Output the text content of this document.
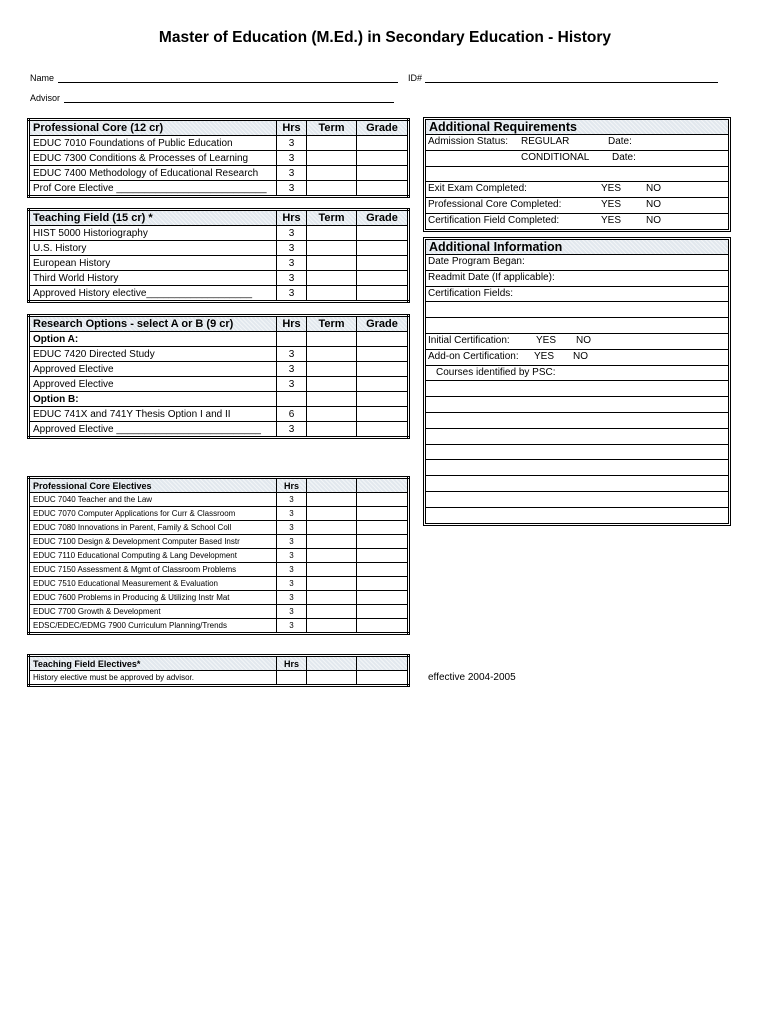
Master of Education (M.Ed.) in Secondary Education - History
Name	ID#
Advisor
Professional Core (12 cr)	Hrs	Term	Grade
EDUC 7010 Foundations of Public Education	3		
EDUC 7300 Conditions & Processes of Learning	3		
EDUC 7400 Methodology of Educational Research	3		
Prof Core Elective ___________________________	3		
Teaching Field (15 cr) *	Hrs	Term	Grade
HIST 5000 Historiography	3		
U.S. History	3		
European History	3		
Third World History	3		
Approved History elective___________________	3		
Research Options - select A or B (9 cr)	Hrs	Term	Grade
Option A:			
EDUC 7420 Directed Study	3		
Approved Elective	3		
Approved Elective	3		
Option B:			
EDUC 741X and 741Y Thesis Option I and II	6		
Approved Elective __________________________	3		
Professional Core Electives	Hrs		
EDUC 7040 Teacher and the Law	3		
EDUC 7070 Computer Applications for Curr & Classroom	3		
EDUC 7080 Innovations in Parent, Family & School Coll	3		
EDUC 7100 Design & Development Computer Based Instr	3		
EDUC 7110 Educational Computing & Lang Development	3		
EDUC 7150 Assessment & Mgmt of Classroom Problems	3		
EDUC 7510 Educational Measurement & Evaluation	3		
EDUC 7600 Problems in Producing & Utilizing Instr Mat	3		
EDUC 7700 Growth & Development	3		
EDSC/EDEC/EDMG 7900 Curriculum Planning/Trends	3		
Teaching Field Electives*	Hrs		
History elective must be approved by advisor.			
Additional Requirements
Admission Status: REGULAR	Date:
CONDITIONAL Date:
Exit Exam Completed:	YES NO
Professional Core Completed:	YES NO
Certification Field Completed:	YES NO
Additional Information
Date Program Began:
Readmit Date (If applicable):
Certification Fields:
Initial Certification:	YES NO
Add-on Certification: YES NO
Courses identified by PSC:
effective 2004-2005
